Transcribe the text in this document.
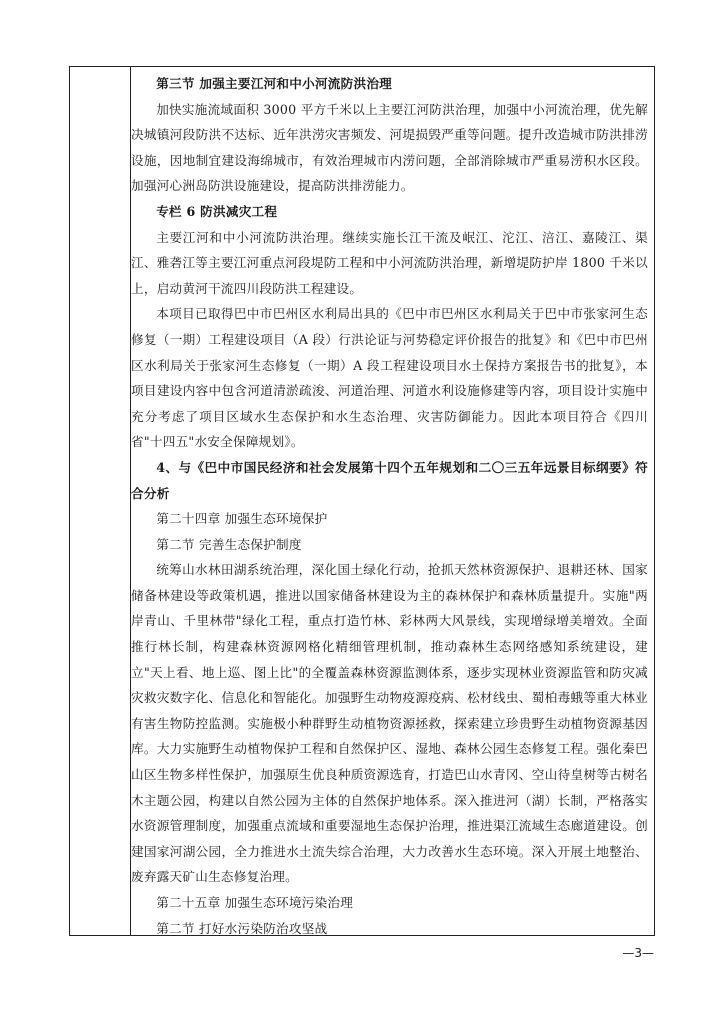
第三节 加强主要江河和中小河流防洪治理

加快实施流域面积 3000 平方千米以上主要江河防洪治理，加强中小河流治理，优先解决城镇河段防洪不达标、近年洪涝灾害频发、河堤损毁严重等问题。提升改造城市防洪排涝设施，因地制宜建设海绵城市，有效治理城市内涝问题，全部消除城市严重易涝积水区段。加强河心洲岛防洪设施建设，提高防洪排涝能力。

专栏 6 防洪减灾工程

主要江河和中小河流防洪治理。继续实施长江干流及岷江、沱江、涪江、嘉陵江、渠江、雅砻江等主要江河重点河段堤防工程和中小河流防洪治理，新增堤防护岸 1800 千米以上，启动黄河干流四川段防洪工程建设。

本项目已取得巴中市巴州区水利局出具的《巴中市巴州区水利局关于巴中市张家河生态修复（一期）工程建设项目（A 段）行洪论证与河势稳定评价报告的批复》和《巴中市巴州区水利局关于张家河生态修复（一期）A 段工程建设项目水土保持方案报告书的批复》，本项目建设内容中包含河道清淤疏浚、河道治理、河道水利设施修建等内容，项目设计实施中充分考虑了项目区域水生态保护和水生态治理、灾害防御能力。因此本项目符合《四川省"十四五"水安全保障规划》。

4、与《巴中市国民经济和社会发展第十四个五年规划和二〇三五年远景目标纲要》符合分析

第二十四章 加强生态环境保护

第二节 完善生态保护制度

统筹山水林田湖系统治理，深化国土绿化行动，抢抓天然林资源保护、退耕还林、国家储备林建设等政策机遇，推进以国家储备林建设为主的森林保护和森林质量提升。实施"两岸青山、千里林带"绿化工程，重点打造竹林、彩林两大风景线，实现增绿增美增效。全面推行林长制，构建森林资源网格化精细管理机制，推动森林生态网络感知系统建设，建立"天上看、地上巡、图上比"的全覆盖森林资源监测体系，逐步实现林业资源监管和防灾减灾救灾数字化、信息化和智能化。加强野生动物疫源疫病、松材线虫、蜀柏毒蛾等重大林业有害生物防控监测。实施极小种群野生动植物资源拯救，探索建立珍贵野生动植物资源基因库。大力实施野生动植物保护工程和自然保护区、湿地、森林公园生态修复工程。强化秦巴山区生物多样性保护，加强原生优良种质资源选育，打造巴山水青冈、空山待皇树等古树名木主题公园，构建以自然公园为主体的自然保护地体系。深入推进河（湖）长制，严格落实水资源管理制度，加强重点流域和重要湿地生态保护治理，推进渠江流域生态廊道建设。创建国家河湖公园，全力推进水土流失综合治理，大力改善水生态环境。深入开展土地整治、废弃露天矿山生态修复治理。

第二十五章 加强生态环境污染治理

第二节 打好水污染防治攻坚战

—3—
